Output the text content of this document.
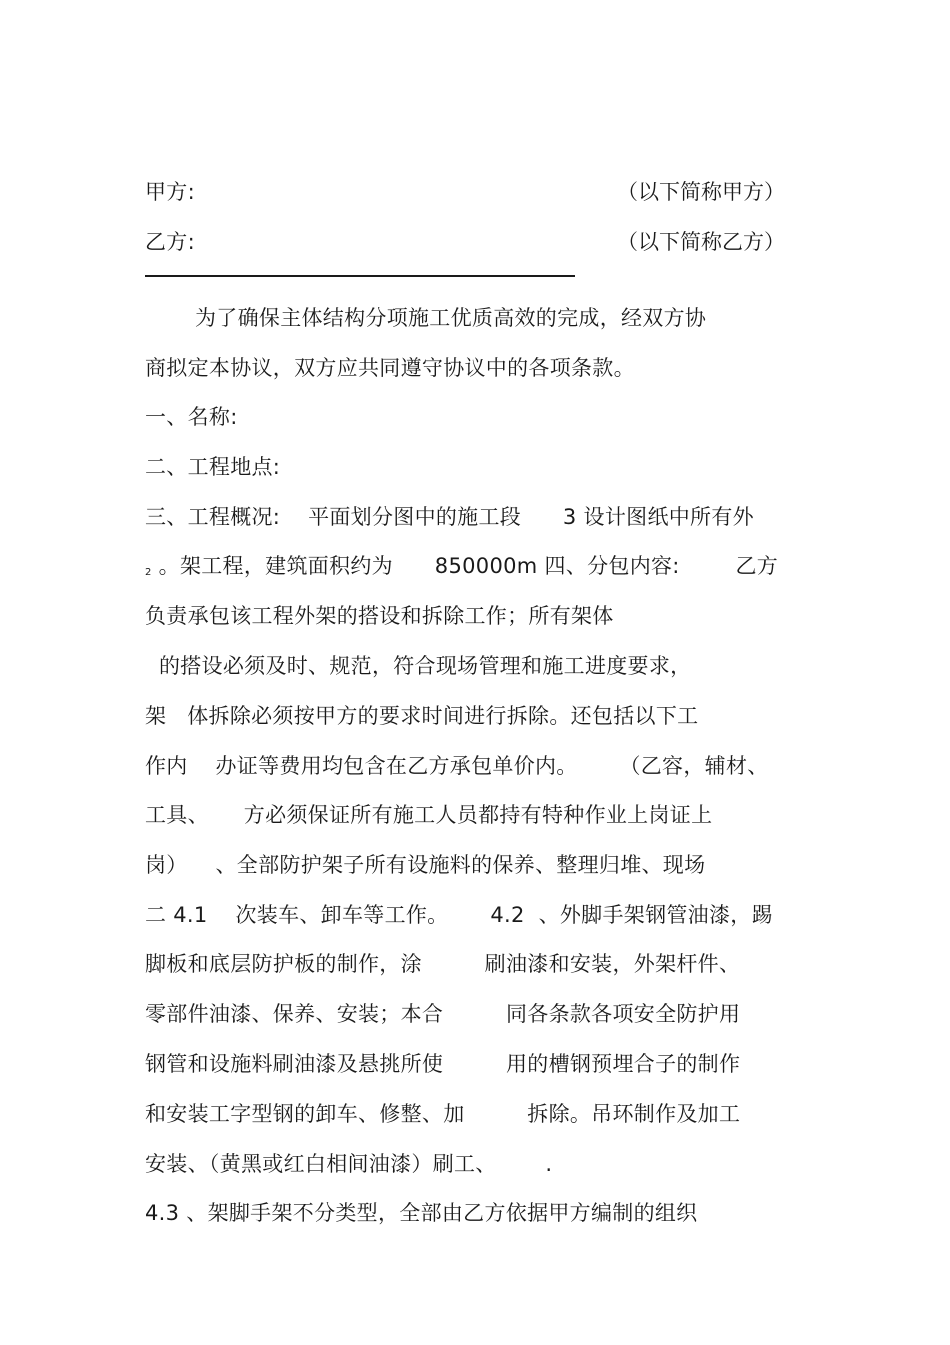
甲方:	（以下简称甲方）
乙方:	（以下简称乙方）
为了确保主体结构分项施工优质高效的完成，经双方协
商拟定本协议，双方应共同遵守协议中的各项条款。
一、名称:
二、工程地点:
三、工程概况:    平面划分图中的施工段      3 设计图纸中所有外
$_2$ 。架工程，建筑面积约为      850000m 四、分包内容:        乙方
负责承包该工程外架的搭设和拆除工作；所有架体
的搭设必须及时、规范，符合现场管理和施工进度要求，
架   体拆除必须按甲方的要求时间进行拆除。还包括以下工
作内    办证等费用均包含在乙方承包单价内。      （乙容，辅材、
工具、     方必须保证所有施工人员都持有特种作业上岗证上
岗）    、全部防护架子所有设施料的保养、整理归堆、现场
二 4.1    次装车、卸车等工作。      4.2  、外脚手架钢管油漆，踢
脚板和底层防护板的制作，涂         刷油漆和安装，外架杆件、
零部件油漆、保养、安装；本合         同各条款各项安全防护用
钢管和设施料刷油漆及悬挑所使         用的槽钢预埋合子的制作
和安装工字型钢的卸车、修整、加         拆除。吊环制作及加工
安装、（黄黑或红白相间油漆）刷工、       .
4.3 、架脚手架不分类型，全部由乙方依据甲方编制的组织
